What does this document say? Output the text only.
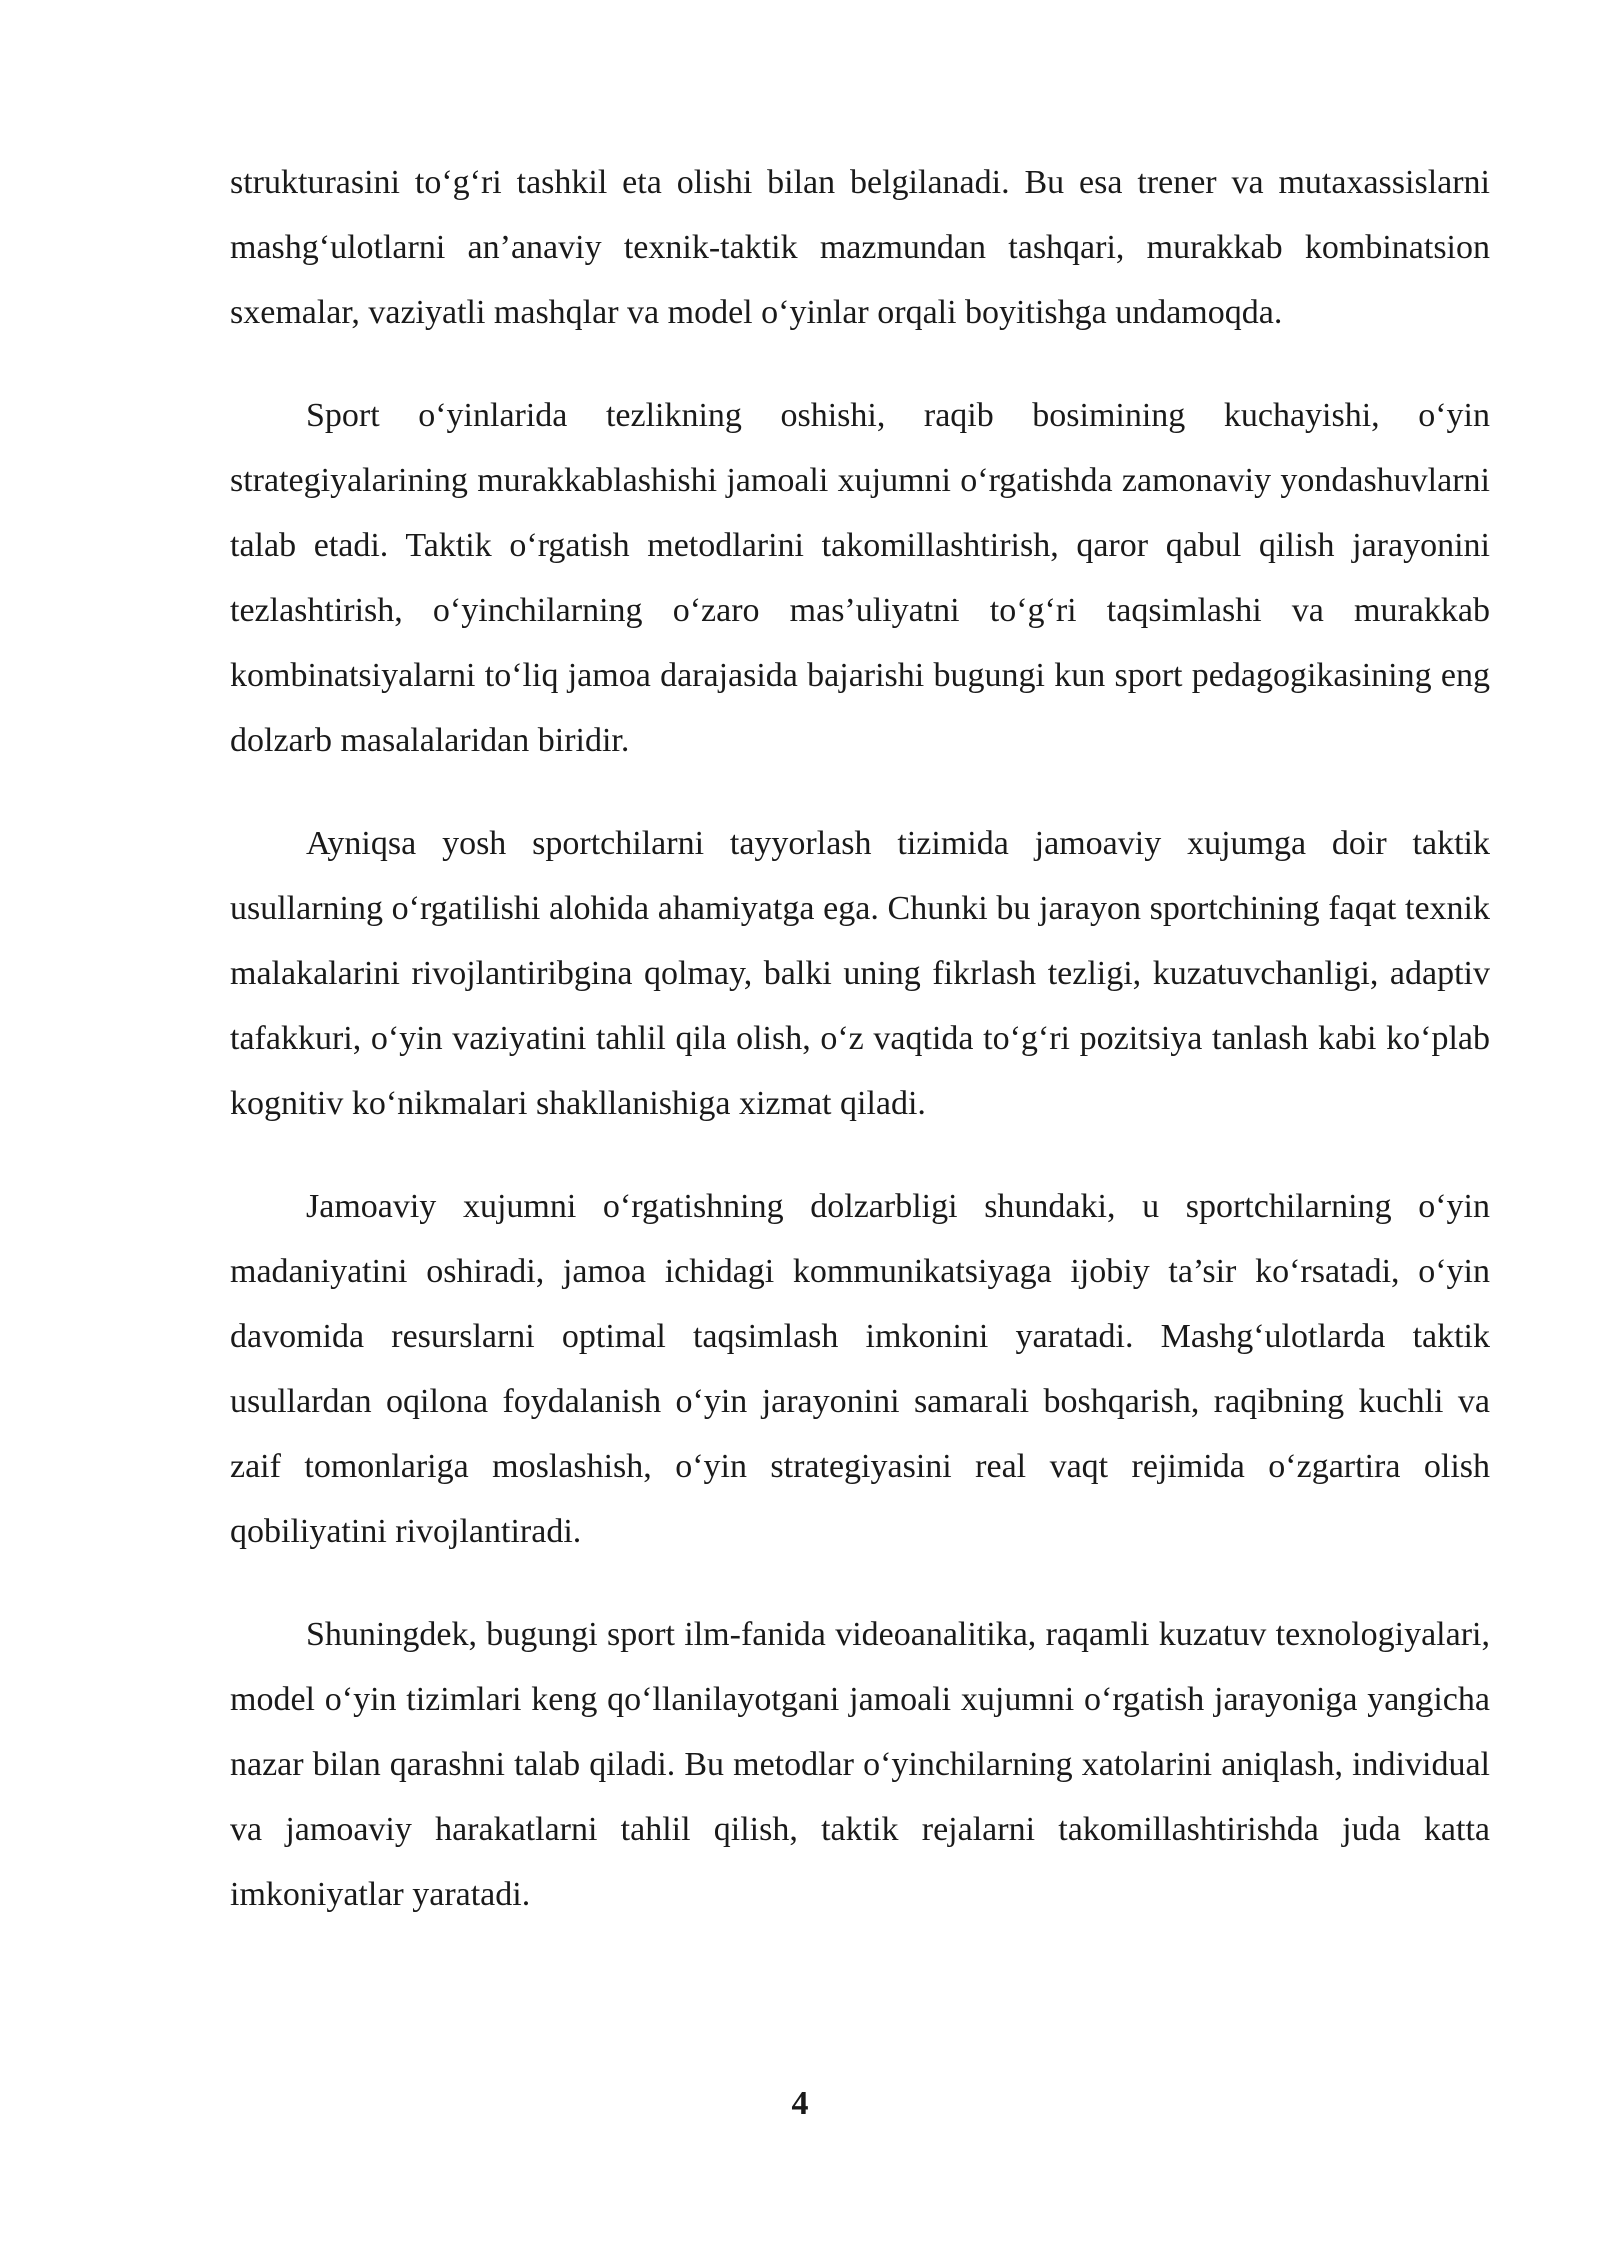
strukturasini to‘g‘ri tashkil eta olishi bilan belgilanadi. Bu esa trener va mutaxassislarni mashg‘ulotlarni an’anaviy texnik-taktik mazmundan tashqari, murakkab kombinatsion sxemalar, vaziyatli mashqlar va model o‘yinlar orqali boyitishga undamoqda.

Sport o‘yinlarida tezlikning oshishi, raqib bosimining kuchayishi, o‘yin strategiyalarining murakkablashishi jamoali xujumni o‘rgatishda zamonaviy yondashuvlarni talab etadi. Taktik o‘rgatish metodlarini takomillashtirish, qaror qabul qilish jarayonini tezlashtirish, o‘yinchilarning o‘zaro mas’uliyatni to‘g‘ri taqsimlashi va murakkab kombinatsiyalarni to‘liq jamoa darajasida bajarishi bugungi kun sport pedagogikasining eng dolzarb masalalaridan biridir.

Ayniqsa yosh sportchilarni tayyorlash tizimida jamoaviy xujumga doir taktik usullarning o‘rgatilishi alohida ahamiyatga ega. Chunki bu jarayon sportchining faqat texnik malakalarini rivojlantiribgina qolmay, balki uning fikrlash tezligi, kuzatuvchanligi, adaptiv tafakkuri, o‘yin vaziyatini tahlil qila olish, o‘z vaqtida to‘g‘ri pozitsiya tanlash kabi ko‘plab kognitiv ko‘nikmalari shakllanishiga xizmat qiladi.

Jamoaviy xujumni o‘rgatishning dolzarbligi shundaki, u sportchilarning o‘yin madaniyatini oshiradi, jamoa ichidagi kommunikatsiyaga ijobiy ta’sir ko‘rsatadi, o‘yin davomida resurslarni optimal taqsimlash imkonini yaratadi. Mashg‘ulotlarda taktik usullardan oqilona foydalanish o‘yin jarayonini samarali boshqarish, raqibning kuchli va zaif tomonlariga moslashish, o‘yin strategiyasini real vaqt rejimida o‘zgartira olish qobiliyatini rivojlantiradi.

Shuningdek, bugungi sport ilm-fanida videoanalitika, raqamli kuzatuv texnologiyalari, model o‘yin tizimlari keng qo‘llanilayotgani jamoali xujumni o‘rgatish jarayoniga yangicha nazar bilan qarashni talab qiladi. Bu metodlar o‘yinchilarning xatolarini aniqlash, individual va jamoaviy harakatlarni tahlil qilish, taktik rejalarni takomillashtirishda juda katta imkoniyatlar yaratadi.

4
